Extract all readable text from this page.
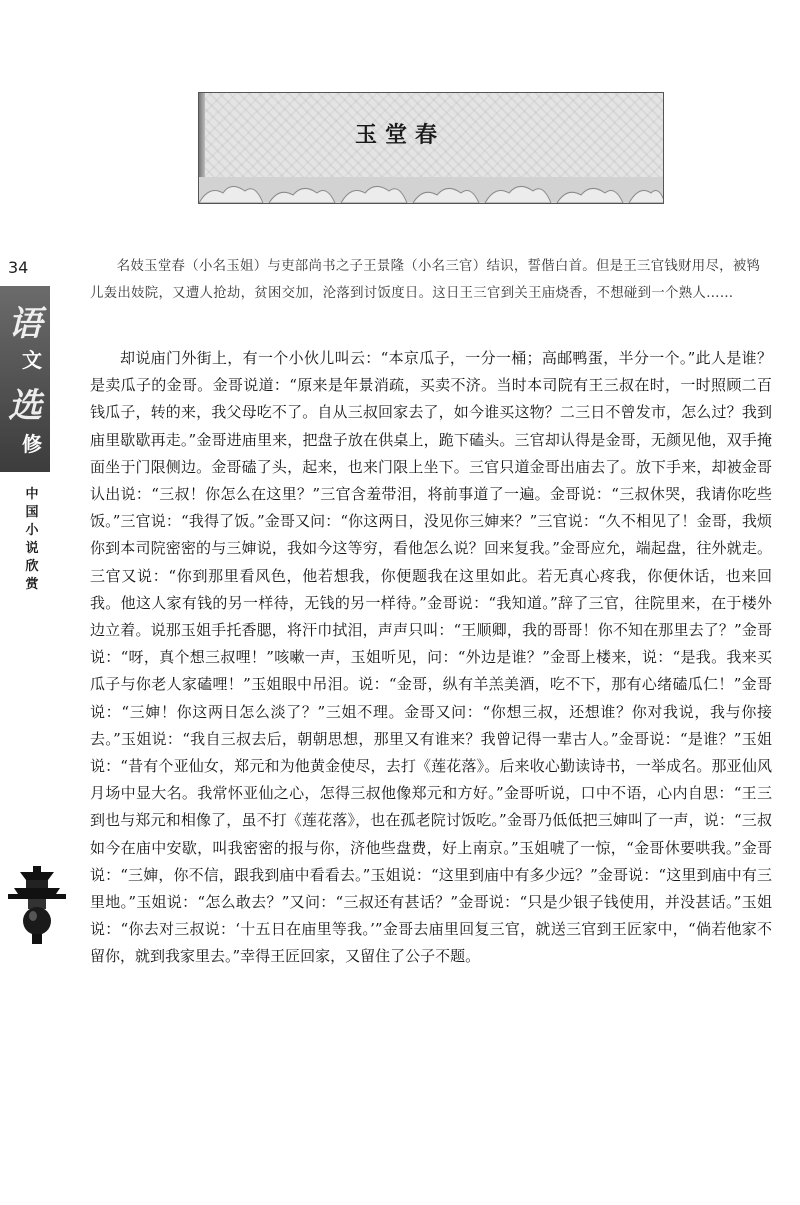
玉堂春
34
语
文
选
修
中
国
小
说
欣
赏

名妓玉堂春（小名玉姐）与吏部尚书之子王景隆（小名三官）结识，誓偕白首。但是王三官钱财用尽，被鸨儿轰出妓院，又遭人抢劫，贫困交加，沦落到讨饭度日。这日王三官到关王庙烧香，不想碰到一个熟人……

却说庙门外街上，有一个小伙儿叫云：“本京瓜子，一分一桶；高邮鸭蛋，半分一个。”此人是谁？是卖瓜子的金哥。金哥说道：“原来是年景消疏，买卖不济。当时本司院有王三叔在时，一时照顾二百钱瓜子，转的来，我父母吃不了。自从三叔回家去了，如今谁买这物？二三日不曾发市，怎么过？我到庙里歇歇再走。”金哥进庙里来，把盘子放在供桌上，跪下磕头。三官却认得是金哥，无颜见他，双手掩面坐于门限侧边。金哥磕了头，起来，也来门限上坐下。三官只道金哥出庙去了。放下手来，却被金哥认出说：“三叔！你怎么在这里？”三官含羞带泪，将前事道了一遍。金哥说：“三叔休哭，我请你吃些饭。”三官说：“我得了饭。”金哥又问：“你这两日，没见你三婶来？”三官说：“久不相见了！金哥，我烦你到本司院密密的与三婶说，我如今这等穷，看他怎么说？回来复我。”金哥应允，端起盘，往外就走。三官又说：“你到那里看风色，他若想我，你便题我在这里如此。若无真心疼我，你便休话，也来回我。他这人家有钱的另一样待，无钱的另一样待。”金哥说：“我知道。”辞了三官，往院里来，在于楼外边立着。说那玉姐手托香腮，将汗巾拭泪，声声只叫：“王顺卿，我的哥哥！你不知在那里去了？”金哥说：“呀，真个想三叔哩！”咳嗽一声，玉姐听见，问：“外边是谁？”金哥上楼来，说：“是我。我来买瓜子与你老人家磕哩！”玉姐眼中吊泪。说：“金哥，纵有羊羔美酒，吃不下，那有心绪磕瓜仁！”金哥说：“三婶！你这两日怎么淡了？”三姐不理。金哥又问：“你想三叔，还想谁？你对我说，我与你接去。”玉姐说：“我自三叔去后，朝朝思想，那里又有谁来？我曾记得一辈古人。”金哥说：“是谁？”玉姐说：“昔有个亚仙女，郑元和为他黄金使尽，去打《莲花落》。后来收心勤读诗书，一举成名。那亚仙风月场中显大名。我常怀亚仙之心，怎得三叔他像郑元和方好。”金哥听说，口中不语，心内自思：“王三到也与郑元和相像了，虽不打《莲花落》，也在孤老院讨饭吃。”金哥乃低低把三婶叫了一声，说：“三叔如今在庙中安歇，叫我密密的报与你，济他些盘费，好上南京。”玉姐唬了一惊，“金哥休要哄我。”金哥说：“三婶，你不信，跟我到庙中看看去。”玉姐说：“这里到庙中有多少远？”金哥说：“这里到庙中有三里地。”玉姐说：“怎么敢去？”又问：“三叔还有甚话？”金哥说：“只是少银子钱使用，并没甚话。”玉姐说：“你去对三叔说：‘十五日在庙里等我。’”金哥去庙里回复三官，就送三官到王匠家中，“倘若他家不留你，就到我家里去。”幸得王匠回家，又留住了公子不题。
